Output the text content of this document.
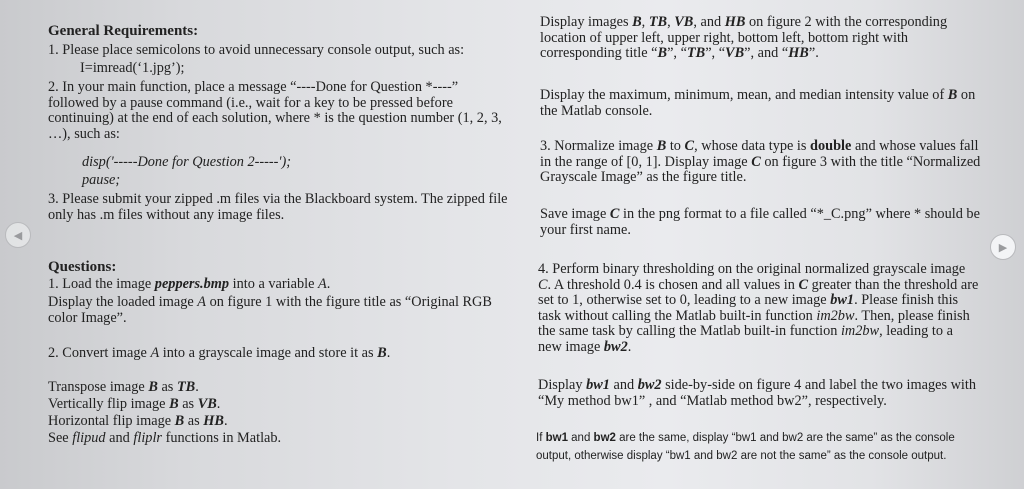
General Requirements:

1. Please place semicolons to avoid unnecessary console output, such as:

I=imread(‘1.jpg’);

2. In your main function, place a message “----Done for Question *----” followed by a pause command (i.e., wait for a key to be pressed before continuing) at the end of each solution, where * is the question number (1, 2, 3, …), such as:

disp('-----Done for Question 2-----');

pause;

3. Please submit your zipped .m files via the Blackboard system. The zipped file only has .m files without any image files.

Questions:

1. Load the image peppers.bmp into a variable A.

Display the loaded image A on figure 1 with the figure title as “Original RGB color Image”.

2. Convert image A into a grayscale image and store it as B.

Transpose image B as TB.

Vertically flip image B as VB.

Horizontal flip image B as HB.

See flipud and fliplr functions in Matlab.

Display images B, TB, VB, and HB on figure 2 with the corresponding location of upper left, upper right, bottom left, bottom right with corresponding title “B”, “TB”, “VB”, and “HB”.

Display the maximum, minimum, mean, and median intensity value of B on the Matlab console.

3. Normalize image B to C, whose data type is double and whose values fall in the range of [0, 1]. Display image C on figure 3 with the title “Normalized Grayscale Image” as the figure title.

Save image C in the png format to a file called “*_C.png” where * should be your first name.

4. Perform binary thresholding on the original normalized grayscale image C. A threshold 0.4 is chosen and all values in C greater than the threshold are set to 1, otherwise set to 0, leading to a new image bw1. Please finish this task without calling the Matlab built-in function im2bw. Then, please finish the same task by calling the Matlab built-in function im2bw, leading to a new image bw2.

Display bw1 and bw2 side-by-side on figure 4 and label the two images with “My method bw1” , and “Matlab method bw2”, respectively.

If bw1 and bw2 are the same, display “bw1 and bw2 are the same” as the console output, otherwise display “bw1 and bw2 are not the same” as the console output.

◀
▶
